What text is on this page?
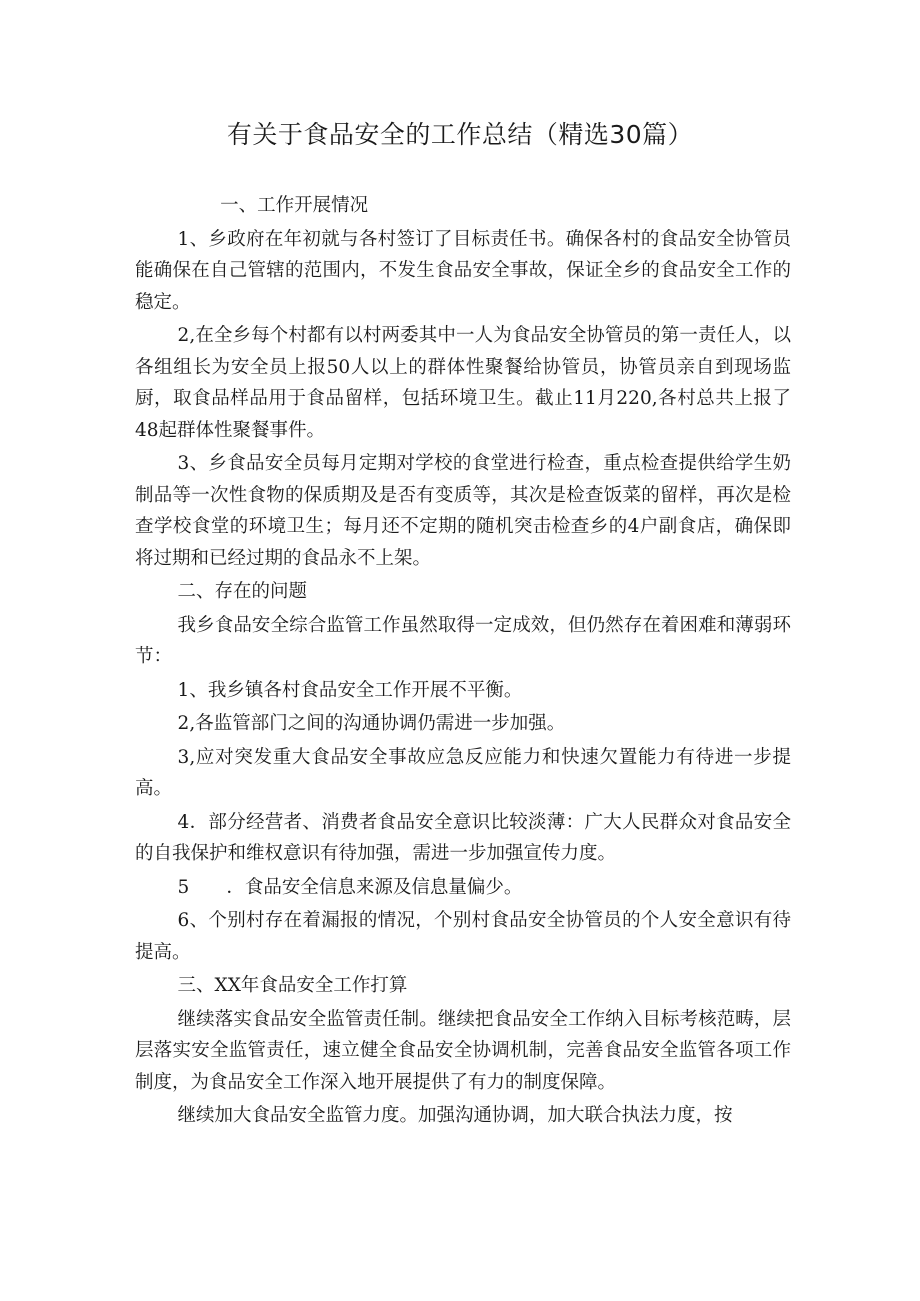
有关于食品安全的工作总结（精选30篇）

一、工作开展情况

1、乡政府在年初就与各村签订了目标责任书。确保各村的食品安全协管员能确保在自己管辖的范围内，不发生食品安全事故，保证全乡的食品安全工作的稳定。

2,在全乡每个村都有以村两委其中一人为食品安全协管员的第一责任人，以各组组长为安全员上报50人以上的群体性聚餐给协管员，协管员亲自到现场监厨，取食品样品用于食品留样，包括环境卫生。截止11月220,各村总共上报了48起群体性聚餐事件。

3、乡食品安全员每月定期对学校的食堂进行检查，重点检查提供给学生奶制品等一次性食物的保质期及是否有变质等，其次是检查饭菜的留样，再次是检查学校食堂的环境卫生；每月还不定期的随机突击检查乡的4户副食店，确保即将过期和已经过期的食品永不上架。

二、存在的问题

我乡食品安全综合监管工作虽然取得一定成效，但仍然存在着困难和薄弱环节：

1、我乡镇各村食品安全工作开展不平衡。

2,各监管部门之间的沟通协调仍需进一步加强。

3,应对突发重大食品安全事故应急反应能力和快速欠置能力有待进一步提高。

4．部分经营者、消费者食品安全意识比较淡薄：广大人民群众对食品安全的自我保护和维权意识有待加强，需进一步加强宣传力度。

5　　．食品安全信息来源及信息量偏少。

6、个别村存在着漏报的情况，个别村食品安全协管员的个人安全意识有待提高。

三、XX年食品安全工作打算

继续落实食品安全监管责任制。继续把食品安全工作纳入目标考核范畴，层层落实安全监管责任，速立健全食品安全协调机制，完善食品安全监管各项工作制度，为食品安全工作深入地开展提供了有力的制度保障。

继续加大食品安全监管力度。加强沟通协调，加大联合执法力度，按
